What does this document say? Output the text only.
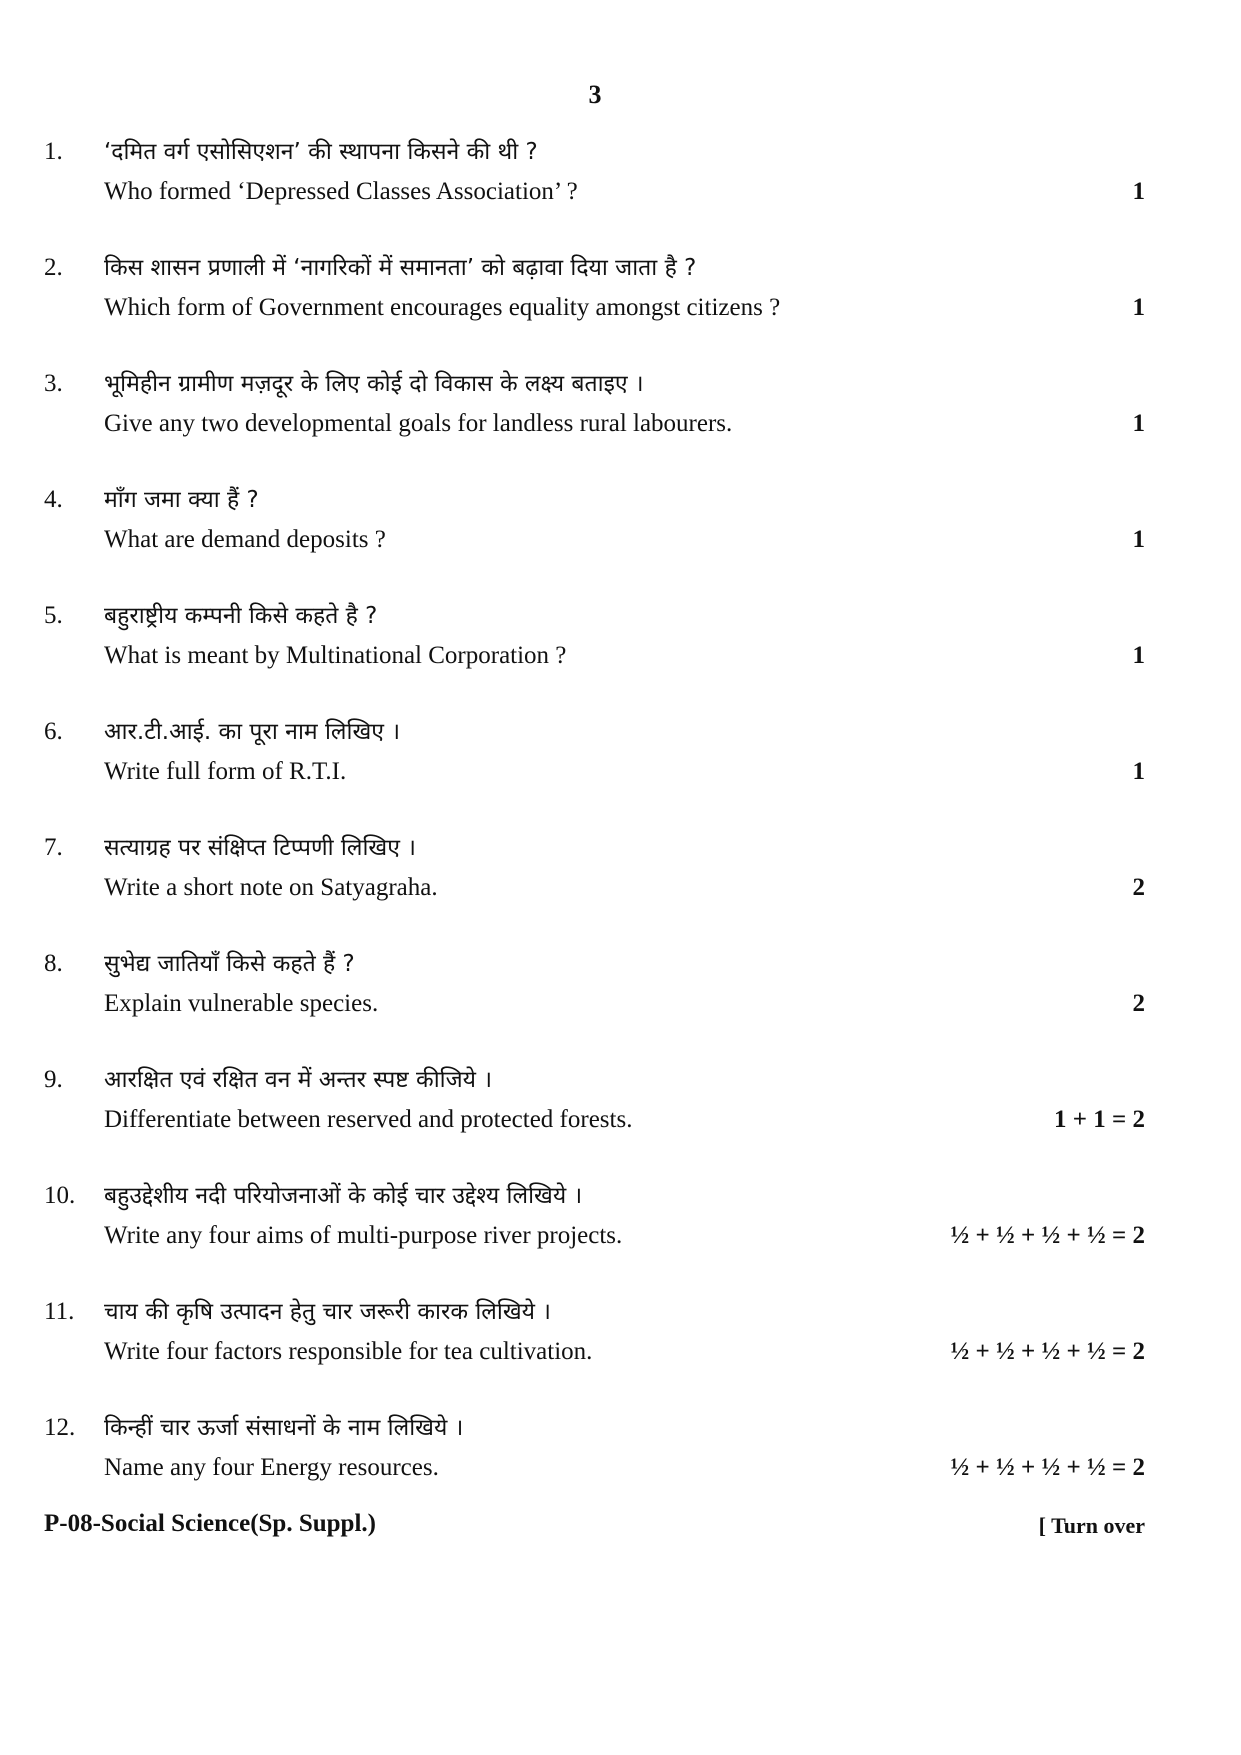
3
1. ‘दमित वर्ग एसोसिएशन’ की स्थापना किसने की थी ?
Who formed ‘Depressed Classes Association’ ?	1
2. किस शासन प्रणाली में ‘नागरिकों में समानता’ को बढ़ावा दिया जाता है ?
Which form of Government encourages equality amongst citizens ?	1
3. भूमिहीन ग्रामीण मज़दूर के लिए कोई दो विकास के लक्ष्य बताइए ।
Give any two developmental goals for landless rural labourers.	1
4. माँग जमा क्या हैं ?
What are demand deposits ?	1
5. बहुराष्ट्रीय कम्पनी किसे कहते है ?
What is meant by Multinational Corporation ?	1
6. आर.टी.आई. का पूरा नाम लिखिए ।
Write full form of R.T.I.	1
7. सत्याग्रह पर संक्षिप्त टिप्पणी लिखिए ।
Write a short note on Satyagraha.	2
8. सुभेद्य जातियाँ किसे कहते हैं ?
Explain vulnerable species.	2
9. आरक्षित एवं रक्षित वन में अन्तर स्पष्ट कीजिये ।
Differentiate between reserved and protected forests.	1 + 1 = 2
10. बहुउद्देशीय नदी परियोजनाओं के कोई चार उद्देश्य लिखिये ।
Write any four aims of multi-purpose river projects.	½ + ½ + ½ + ½ = 2
11. चाय की कृषि उत्पादन हेतु चार जरूरी कारक लिखिये ।
Write four factors responsible for tea cultivation.	½ + ½ + ½ + ½ = 2
12. किन्हीं चार ऊर्जा संसाधनों के नाम लिखिये ।
Name any four Energy resources.	½ + ½ + ½ + ½ = 2
P-08-Social Science(Sp. Suppl.)	[ Turn over
